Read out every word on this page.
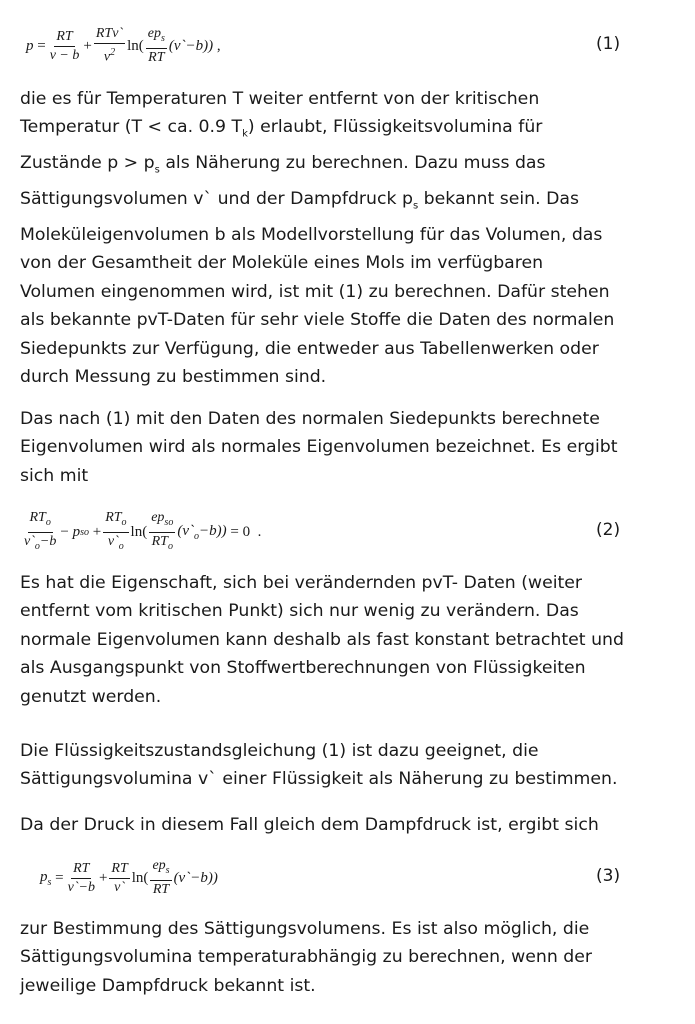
p
= $\frac{RT}{v - b} + \frac{\text{RTv`}}{v^2} \ln( \frac{ep_s}{RT}$ (v`−b)) ,	(1)
die es für Temperaturen T weiter entfernt von der kritischen
Temperatur (T < ca. 0.9 $T_k$) erlaubt, Flüssigkeitsvolumina für
Zustände $p > p_s$ als Näherung zu berechnen. Dazu muss das
Sättigungsvolumen v` und der Dampfdruck $p_s$ bekannt sein. Das
Moleküleigenvolumen b als Modellvorstellung für das Volumen, das
von der Gesamtheit der Moleküle eines Mols im verfügbaren
Volumen eingenommen wird, ist mit (1) zu berechnen. Dafür stehen
als bekannte pvT-Daten für sehr viele Stoffe die Daten des normalen
Siedepunkts zur Verfügung, die entweder aus Tabellenwerken oder
durch Messung zu bestimmen sind.
Das nach (1) mit den Daten des normalen Siedepunkts berechnete
Eigenvolumen wird als normales Eigenvolumen bezeichnet. Es ergibt
sich mit
$\frac{RT_o}{v`_o-b} - p$ so
+ $\frac{RT_o}{v`_o} \ln( \frac{ep_{so}}{RT_o}$ $(v`_o-b)) = 0$  .	(2)
Es hat die Eigenschaft, sich bei verändernden pvT- Daten (weiter
entfernt vom kritischen Punkt) sich nur wenig zu verändern. Das
normale Eigenvolumen kann deshalb als fast konstant betrachtet und
als Ausgangspunkt von Stoffwertberechnungen von Flüssigkeiten
genutzt werden.
Die Flüssigkeitszustandsgleichung (1) ist dazu geeignet, die
Sättigungsvolumina v` einer Flüssigkeit als Näherung zu bestimmen.
Da der Druck in diesem Fall gleich dem Dampfdruck ist, ergibt sich
$p_s$
= $\frac{RT}{v`-b} + \frac{RT}{v`} \ln( \frac{ep_s}{RT}$ (v`−b))	(3)
zur Bestimmung des Sättigungsvolumens. Es ist also möglich, die
Sättigungsvolumina temperaturabhängig zu berechnen, wenn der
jeweilige Dampfdruck bekannt ist.
